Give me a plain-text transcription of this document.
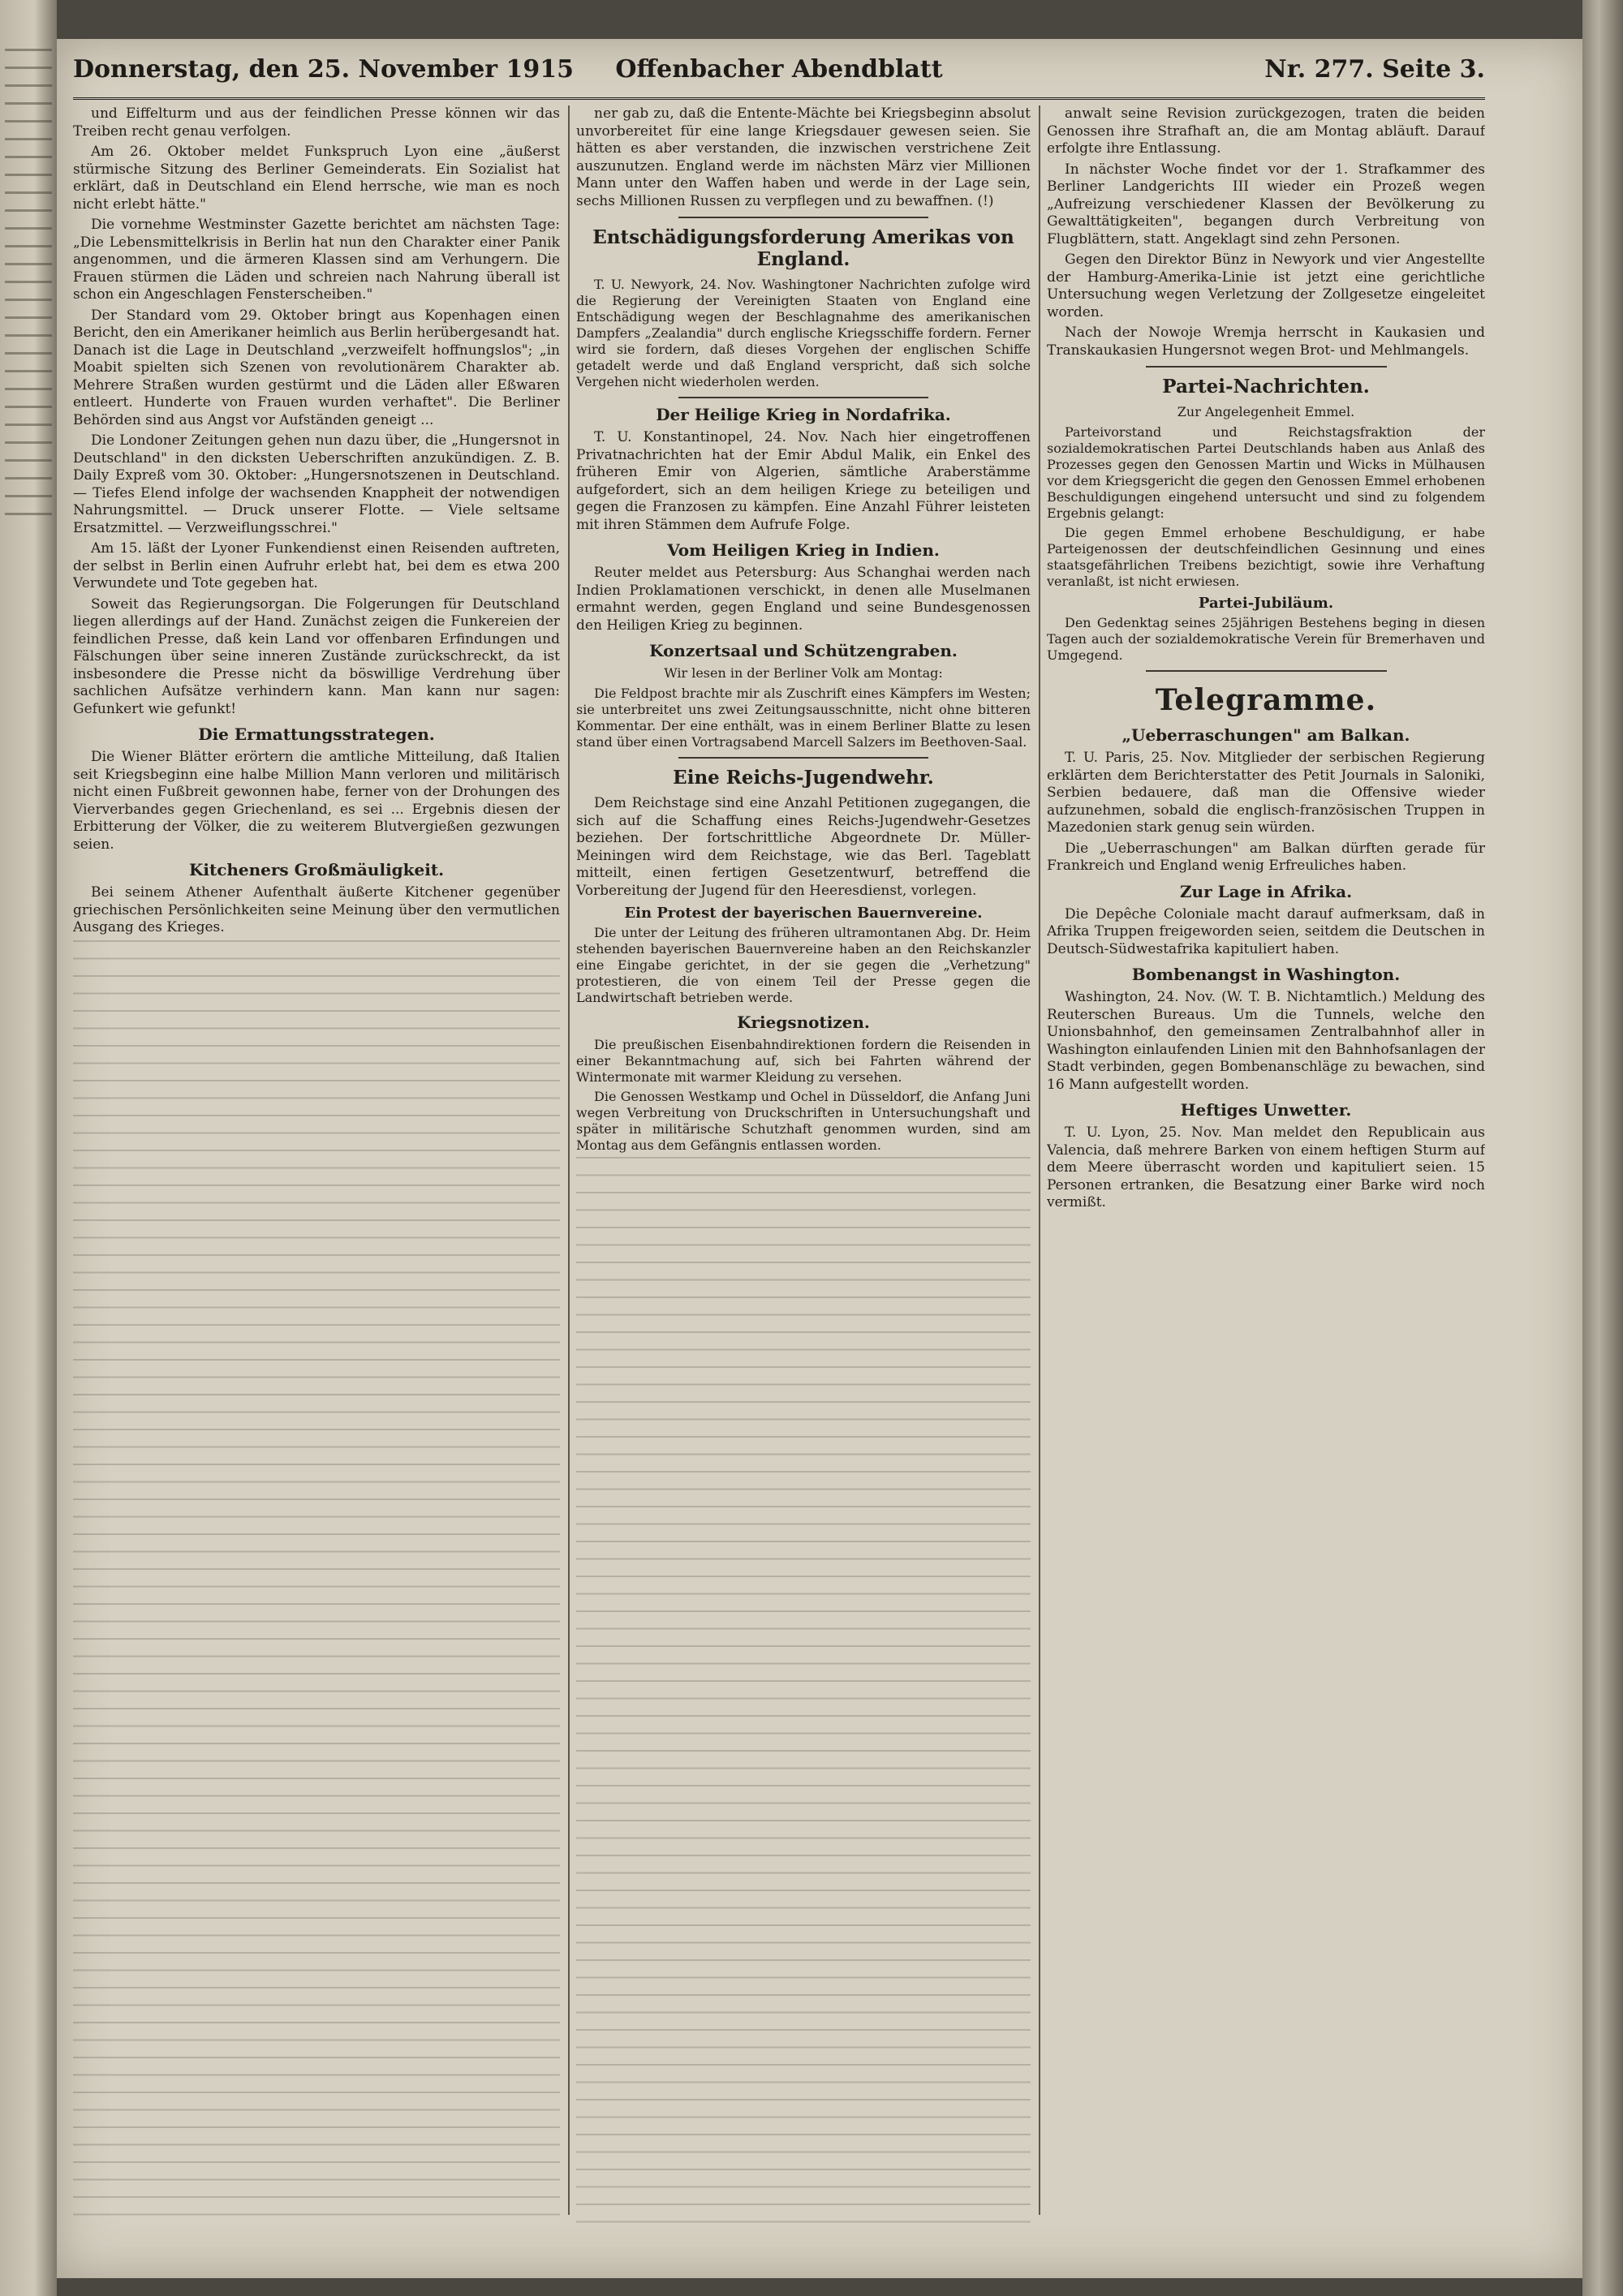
Donnerstag, den 25. November 1915	Offenbacher Abendblatt	Nr. 277. Seite 3.

und Eiffelturm und aus der feindlichen Presse können wir das Treiben recht genau verfolgen.

Am 26. Oktober meldet Funkspruch Lyon eine „äußerst stürmische Sitzung des Berliner Gemeinderats. Ein Sozialist hat erklärt, daß in Deutschland ein Elend herrsche, wie man es noch nicht erlebt hätte."

Die vornehme Westminster Gazette berichtet am nächsten Tage: „Die Lebensmittelkrisis in Berlin hat nun den Charakter einer Panik angenommen, und die ärmeren Klassen sind am Verhungern. Die Frauen stürmen die Läden und schreien nach Nahrung überall ist schon ein Angeschlagen Fensterscheiben."

Der Standard vom 29. Oktober bringt aus Kopenhagen einen Bericht, den ein Amerikaner heimlich aus Berlin herübergesandt hat. Danach ist die Lage in Deutschland „verzweifelt hoffnungslos"; „in Moabit spielten sich Szenen von revolutionärem Charakter ab. Mehrere Straßen wurden gestürmt und die Läden aller Eßwaren entleert. Hunderte von Frauen wurden verhaftet". Die Berliner Behörden sind aus Angst vor Aufständen geneigt ...

Die Londoner Zeitungen gehen nun dazu über, die „Hungersnot in Deutschland" in den dicksten Ueberschriften anzukündigen. Z. B. Daily Expreß vom 30. Oktober: „Hungersnotszenen in Deutschland. — Tiefes Elend infolge der wachsenden Knappheit der notwendigen Nahrungsmittel. — Druck unserer Flotte. — Viele seltsame Ersatzmittel. — Verzweiflungsschrei."

Am 15. läßt der Lyoner Funkendienst einen Reisenden auftreten, der selbst in Berlin einen Aufruhr erlebt hat, bei dem es etwa 200 Verwundete und Tote gegeben hat.

Soweit das Regierungsorgan. Die Folgerungen für Deutschland liegen allerdings auf der Hand. Zunächst zeigen die Funkereien der feindlichen Presse, daß kein Land vor offenbaren Erfindungen und Fälschungen über seine inneren Zustände zurückschreckt, da ist insbesondere die Presse nicht da böswillige Verdrehung über sachlichen Aufsätze verhindern kann. Man kann nur sagen: Gefunkert wie gefunkt!

Die Ermattungsstrategen.

Die Wiener Blätter erörtern die amtliche Mitteilung, daß Italien seit Kriegsbeginn eine halbe Million Mann verloren und militärisch nicht einen Fußbreit gewonnen habe, ferner von der Drohungen des Vierverbandes gegen Griechenland, es sei ... Ergebnis diesen der Erbitterung der Völker, die zu weiterem Blutvergießen gezwungen seien.

Kitcheners Großmäuligkeit.

Bei seinem Athener Aufenthalt äußerte Kitchener gegenüber griechischen Persönlichkeiten seine Meinung über den vermutlichen Ausgang des Krieges.

ner gab zu, daß die Entente-Mächte bei Kriegsbeginn absolut unvorbereitet für eine lange Kriegsdauer gewesen seien. Sie hätten es aber verstanden, die inzwischen verstrichene Zeit auszunutzen. England werde im nächsten März vier Millionen Mann unter den Waffen haben und werde in der Lage sein, sechs Millionen Russen zu verpflegen und zu bewaffnen. (!)

Entschädigungsforderung Amerikas von England.

T. U. Newyork, 24. Nov. Washingtoner Nachrichten zufolge wird die Regierung der Vereinigten Staaten von England eine Entschädigung wegen der Beschlagnahme des amerikanischen Dampfers „Zealandia" durch englische Kriegsschiffe fordern. Ferner wird sie fordern, daß dieses Vorgehen der englischen Schiffe getadelt werde und daß England verspricht, daß sich solche Vergehen nicht wiederholen werden.

Der Heilige Krieg in Nordafrika.

T. U. Konstantinopel, 24. Nov. Nach hier eingetroffenen Privatnachrichten hat der Emir Abdul Malik, ein Enkel des früheren Emir von Algerien, sämtliche Araberstämme aufgefordert, sich an dem heiligen Kriege zu beteiligen und gegen die Franzosen zu kämpfen. Eine Anzahl Führer leisteten mit ihren Stämmen dem Aufrufe Folge.

Vom Heiligen Krieg in Indien.

Reuter meldet aus Petersburg: Aus Schanghai werden nach Indien Proklamationen verschickt, in denen alle Muselmanen ermahnt werden, gegen England und seine Bundesgenossen den Heiligen Krieg zu beginnen.

Konzertsaal und Schützengraben.
Wir lesen in der Berliner Volk am Montag:

Die Feldpost brachte mir als Zuschrift eines Kämpfers im Westen; sie unterbreitet uns zwei Zeitungsausschnitte, nicht ohne bitteren Kommentar. Der eine enthält, was in einem Berliner Blatte zu lesen stand über einen Vortragsabend Marcell Salzers im Beethoven-Saal.

Eine Reichs-Jugendwehr.

Dem Reichstage sind eine Anzahl Petitionen zugegangen, die sich auf die Schaffung eines Reichs-Jugendwehr-Gesetzes beziehen. Der fortschrittliche Abgeordnete Dr. Müller-Meiningen wird dem Reichstage, wie das Berl. Tageblatt mitteilt, einen fertigen Gesetzentwurf, betreffend die Vorbereitung der Jugend für den Heeresdienst, vorlegen.

Ein Protest der bayerischen Bauernvereine.

Die unter der Leitung des früheren ultramontanen Abg. Dr. Heim stehenden bayerischen Bauernvereine haben an den Reichskanzler eine Eingabe gerichtet, in der sie gegen die „Verhetzung" protestieren, die von einem Teil der Presse gegen die Landwirtschaft betrieben werde.

Kriegsnotizen.

Die preußischen Eisenbahndirektionen fordern die Reisenden in einer Bekanntmachung auf, sich bei Fahrten während der Wintermonate mit warmer Kleidung zu versehen.

Die Genossen Westkamp und Ochel in Düsseldorf, die Anfang Juni wegen Verbreitung von Druckschriften in Untersuchungshaft und später in militärische Schutzhaft genommen wurden, sind am Montag aus dem Gefängnis entlassen worden.

anwalt seine Revision zurückgezogen, traten die beiden Genossen ihre Strafhaft an, die am Montag abläuft. Darauf erfolgte ihre Entlassung.

In nächster Woche findet vor der 1. Strafkammer des Berliner Landgerichts III wieder ein Prozeß wegen „Aufreizung verschiedener Klassen der Bevölkerung zu Gewalttätigkeiten", begangen durch Verbreitung von Flugblättern, statt. Angeklagt sind zehn Personen.

Gegen den Direktor Bünz in Newyork und vier Angestellte der Hamburg-Amerika-Linie ist jetzt eine gerichtliche Untersuchung wegen Verletzung der Zollgesetze eingeleitet worden.

Nach der Nowoje Wremja herrscht in Kaukasien und Transkaukasien Hungersnot wegen Brot- und Mehlmangels.

Partei-Nachrichten.
Zur Angelegenheit Emmel.

Parteivorstand und Reichstagsfraktion der sozialdemokratischen Partei Deutschlands haben aus Anlaß des Prozesses gegen den Genossen Martin und Wicks in Mülhausen vor dem Kriegsgericht die gegen den Genossen Emmel erhobenen Beschuldigungen eingehend untersucht und sind zu folgendem Ergebnis gelangt:

Die gegen Emmel erhobene Beschuldigung, er habe Parteigenossen der deutschfeindlichen Gesinnung und eines staatsgefährlichen Treibens bezichtigt, sowie ihre Verhaftung veranlaßt, ist nicht erwiesen.

Partei-Jubiläum.

Den Gedenktag seines 25jährigen Bestehens beging in diesen Tagen auch der sozialdemokratische Verein für Bremerhaven und Umgegend.

Telegramme.
„Ueberraschungen" am Balkan.

T. U. Paris, 25. Nov. Mitglieder der serbischen Regierung erklärten dem Berichterstatter des Petit Journals in Saloniki, Serbien bedauere, daß man die Offensive wieder aufzunehmen, sobald die englisch-französischen Truppen in Mazedonien stark genug sein würden.

Die „Ueberraschungen" am Balkan dürften gerade für Frankreich und England wenig Erfreuliches haben.

Zur Lage in Afrika.

Die Depêche Coloniale macht darauf aufmerksam, daß in Afrika Truppen freigeworden seien, seitdem die Deutschen in Deutsch-Südwestafrika kapituliert haben.

Bombenangst in Washington.

Washington, 24. Nov. (W. T. B. Nichtamtlich.) Meldung des Reuterschen Bureaus. Um die Tunnels, welche den Unionsbahnhof, den gemeinsamen Zentralbahnhof aller in Washington einlaufenden Linien mit den Bahnhofsanlagen der Stadt verbinden, gegen Bombenanschläge zu bewachen, sind 16 Mann aufgestellt worden.

Heftiges Unwetter.

T. U. Lyon, 25. Nov. Man meldet den Republicain aus Valencia, daß mehrere Barken von einem heftigen Sturm auf dem Meere überrascht worden und kapituliert seien. 15 Personen ertranken, die Besatzung einer Barke wird noch vermißt.
